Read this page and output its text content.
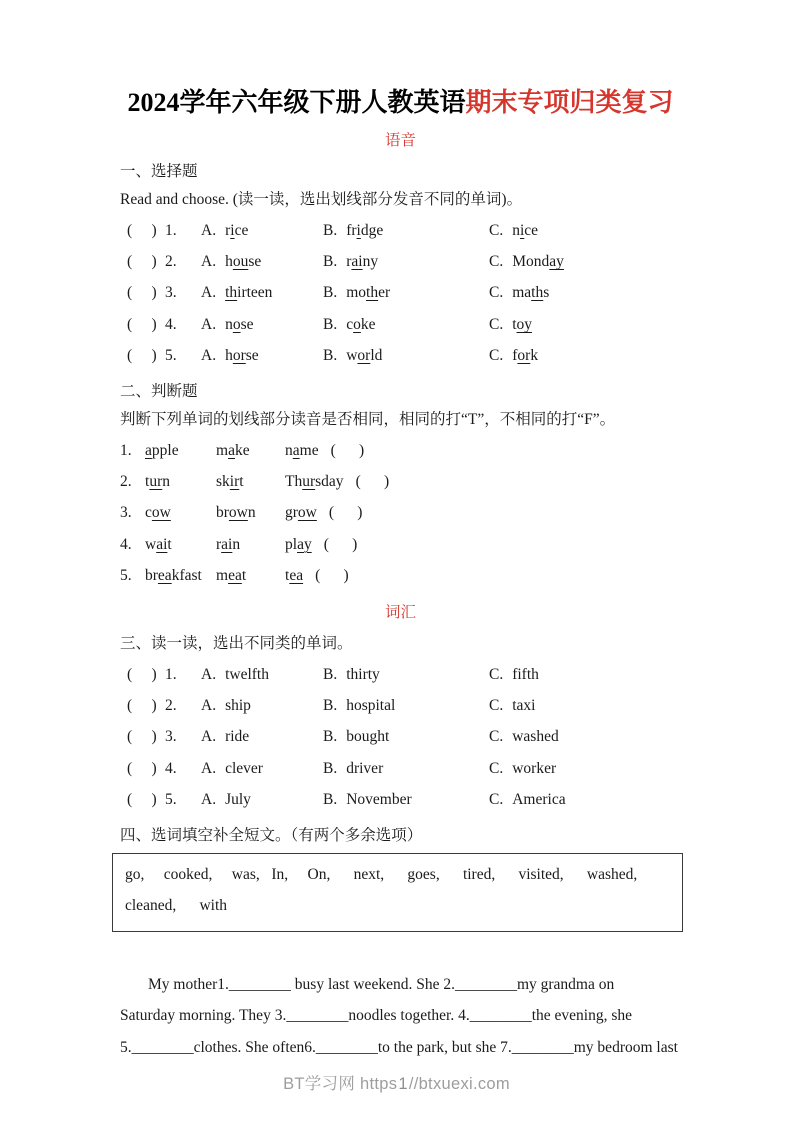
2024学年六年级下册人教英语期末专项归类复习
语音
一、选择题
Read and choose. (读一读，选出划线部分发音不同的单词)。
(     ) 1.	A. rice	B. fridge	C. nice
(     ) 2.	A. house	B. rainy	C. Monday
(     ) 3.	A. thirteen	B. mother	C. maths
(     ) 4.	A. nose	B. coke	C. toy
(     ) 5.	A. horse	B. world	C. fork
二、判断题
判断下列单词的划线部分读音是否相同，相同的打“T”，不相同的打“F”。
1. apple	make	name (      )
2. turn	skirt	Thursday (      )
3. cow	brown	grow (      )
4. wait	rain	play (      )
5. breakfast meat	tea (      )
词汇
三、读一读，选出不同类的单词。
(     ) 1.	A. twelfth	B. thirty	C. fifth
(     ) 2.	A. ship	B. hospital	C. taxi
(     ) 3.	A. ride	B. bought	C. washed
(     ) 4.	A. clever	B. driver	C. worker
(     ) 5.	A. July	B. November	C. America
四、选词填空补全短文。（有两个多余选项）
go,     cooked,     was,   In,     On,      next,      goes,      tired,      visited,      washed,
cleaned,      with
My mother1.________ busy last weekend. She 2.________my grandma on
Saturday morning. They 3.________noodles together. 4.________the evening, she
5.________clothes. She often6.________to the park, but she 7.________my bedroom last
BT学习网 https1//btxuexi.com
